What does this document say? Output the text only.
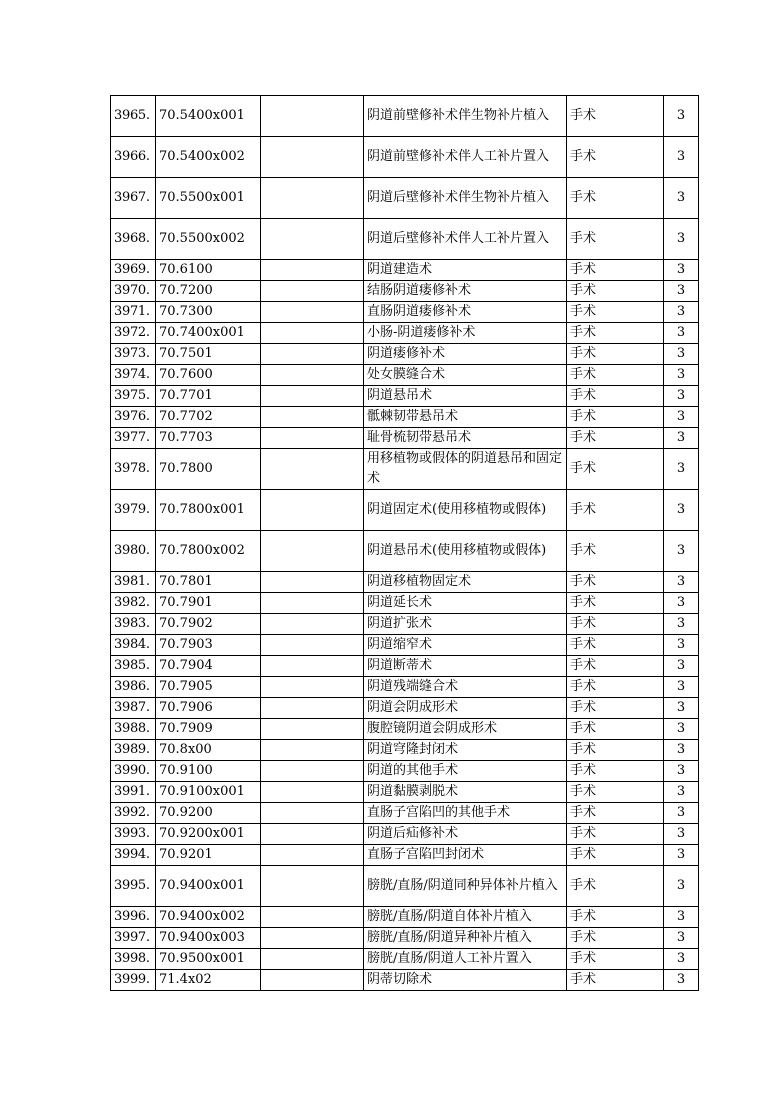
3965.	70.5400x001		阴道前壁修补术伴生物补片植入	手术	3
3966.	70.5400x002		阴道前壁修补术伴人工补片置入	手术	3
3967.	70.5500x001		阴道后壁修补术伴生物补片植入	手术	3
3968.	70.5500x002		阴道后壁修补术伴人工补片置入	手术	3
3969.	70.6100		阴道建造术	手术	3
3970.	70.7200		结肠阴道瘘修补术	手术	3
3971.	70.7300		直肠阴道瘘修补术	手术	3
3972.	70.7400x001		小肠-阴道瘘修补术	手术	3
3973.	70.7501		阴道瘘修补术	手术	3
3974.	70.7600		处女膜缝合术	手术	3
3975.	70.7701		阴道悬吊术	手术	3
3976.	70.7702		骶棘韧带悬吊术	手术	3
3977.	70.7703		耻骨梳韧带悬吊术	手术	3
3978.	70.7800		用移植物或假体的阴道悬吊和固定术	手术	3
3979.	70.7800x001		阴道固定术(使用移植物或假体)	手术	3
3980.	70.7800x002		阴道悬吊术(使用移植物或假体)	手术	3
3981.	70.7801		阴道移植物固定术	手术	3
3982.	70.7901		阴道延长术	手术	3
3983.	70.7902		阴道扩张术	手术	3
3984.	70.7903		阴道缩窄术	手术	3
3985.	70.7904		阴道断蒂术	手术	3
3986.	70.7905		阴道残端缝合术	手术	3
3987.	70.7906		阴道会阴成形术	手术	3
3988.	70.7909		腹腔镜阴道会阴成形术	手术	3
3989.	70.8x00		阴道穹隆封闭术	手术	3
3990.	70.9100		阴道的其他手术	手术	3
3991.	70.9100x001		阴道黏膜剥脱术	手术	3
3992.	70.9200		直肠子宫陷凹的其他手术	手术	3
3993.	70.9200x001		阴道后疝修补术	手术	3
3994.	70.9201		直肠子宫陷凹封闭术	手术	3
3995.	70.9400x001		膀胱/直肠/阴道同种异体补片植入	手术	3
3996.	70.9400x002		膀胱/直肠/阴道自体补片植入	手术	3
3997.	70.9400x003		膀胱/直肠/阴道异种补片植入	手术	3
3998.	70.9500x001		膀胱/直肠/阴道人工补片置入	手术	3
3999.	71.4x02		阴蒂切除术	手术	3
